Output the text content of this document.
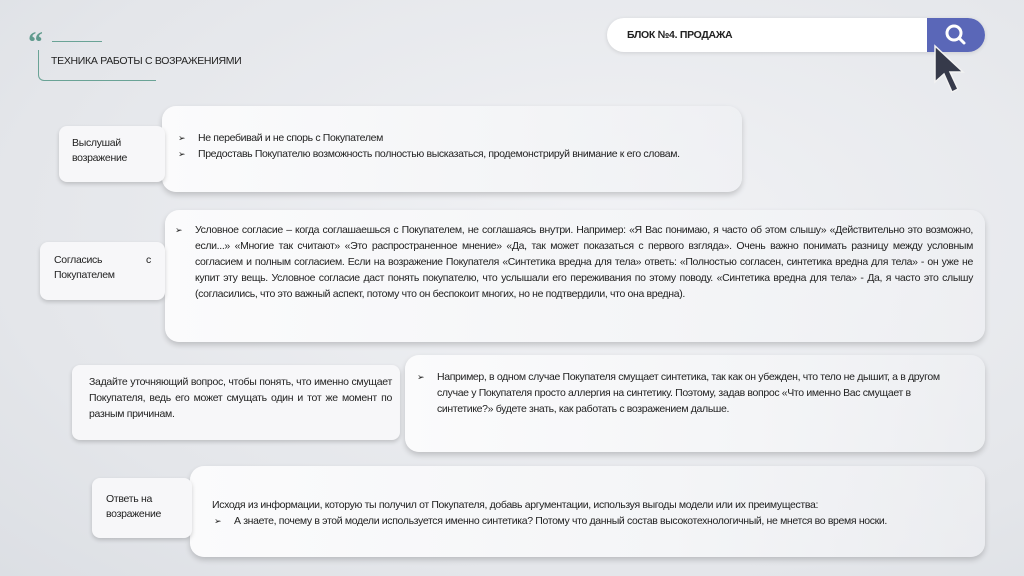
“
ТЕХНИКА РАБОТЫ С ВОЗРАЖЕНИЯМИ
БЛОК №4. ПРОДАЖА
➢ Не перебивай и не спорь с Покупателем
➢ Предоставь Покупателю возможность полностью высказаться, продемонстрируй внимание к его словам.
Выслушай возражение
➢ Условное согласие – когда соглашаешься с Покупателем, не соглашаясь внутри. Например: «Я Вас понимаю, я часто об этом слышу» «Действительно это возможно, если...» «Многие так считают» «Это распространенное мнение» «Да, так может показаться с первого взгляда». Очень важно понимать разницу между условным согласием и полным согласием. Если на возражение Покупателя «Синтетика вредна для тела» ответь: «Полностью согласен, синтетика вредна для тела» - он уже не купит эту вещь. Условное согласие даст понять покупателю, что услышали его переживания по этому поводу. «Синтетика вредна для тела» - Да, я часто это слышу (согласились, что это важный аспект, потому что он беспокоит многих, но не подтвердили, что она вредна).
Согласись с Покупателем
Задайте уточняющий вопрос, чтобы понять, что именно смущает Покупателя, ведь его может смущать один и тот же момент по разным причинам.
➢ Например, в одном случае Покупателя смущает синтетика, так как он убежден, что тело не дышит, а в другом случае у Покупателя просто аллергия на синтетику. Поэтому, задав вопрос «Что именно Вас смущает в синтетике?» будете знать, как работать с возражением дальше.
Исходя из информации, которую ты получил от Покупателя, добавь аргументации, используя выгоды модели или их преимущества:
➢ А знаете, почему в этой модели используется именно синтетика? Потому что данный состав высокотехнологичный, не мнется во время носки.
Ответь на возражение
